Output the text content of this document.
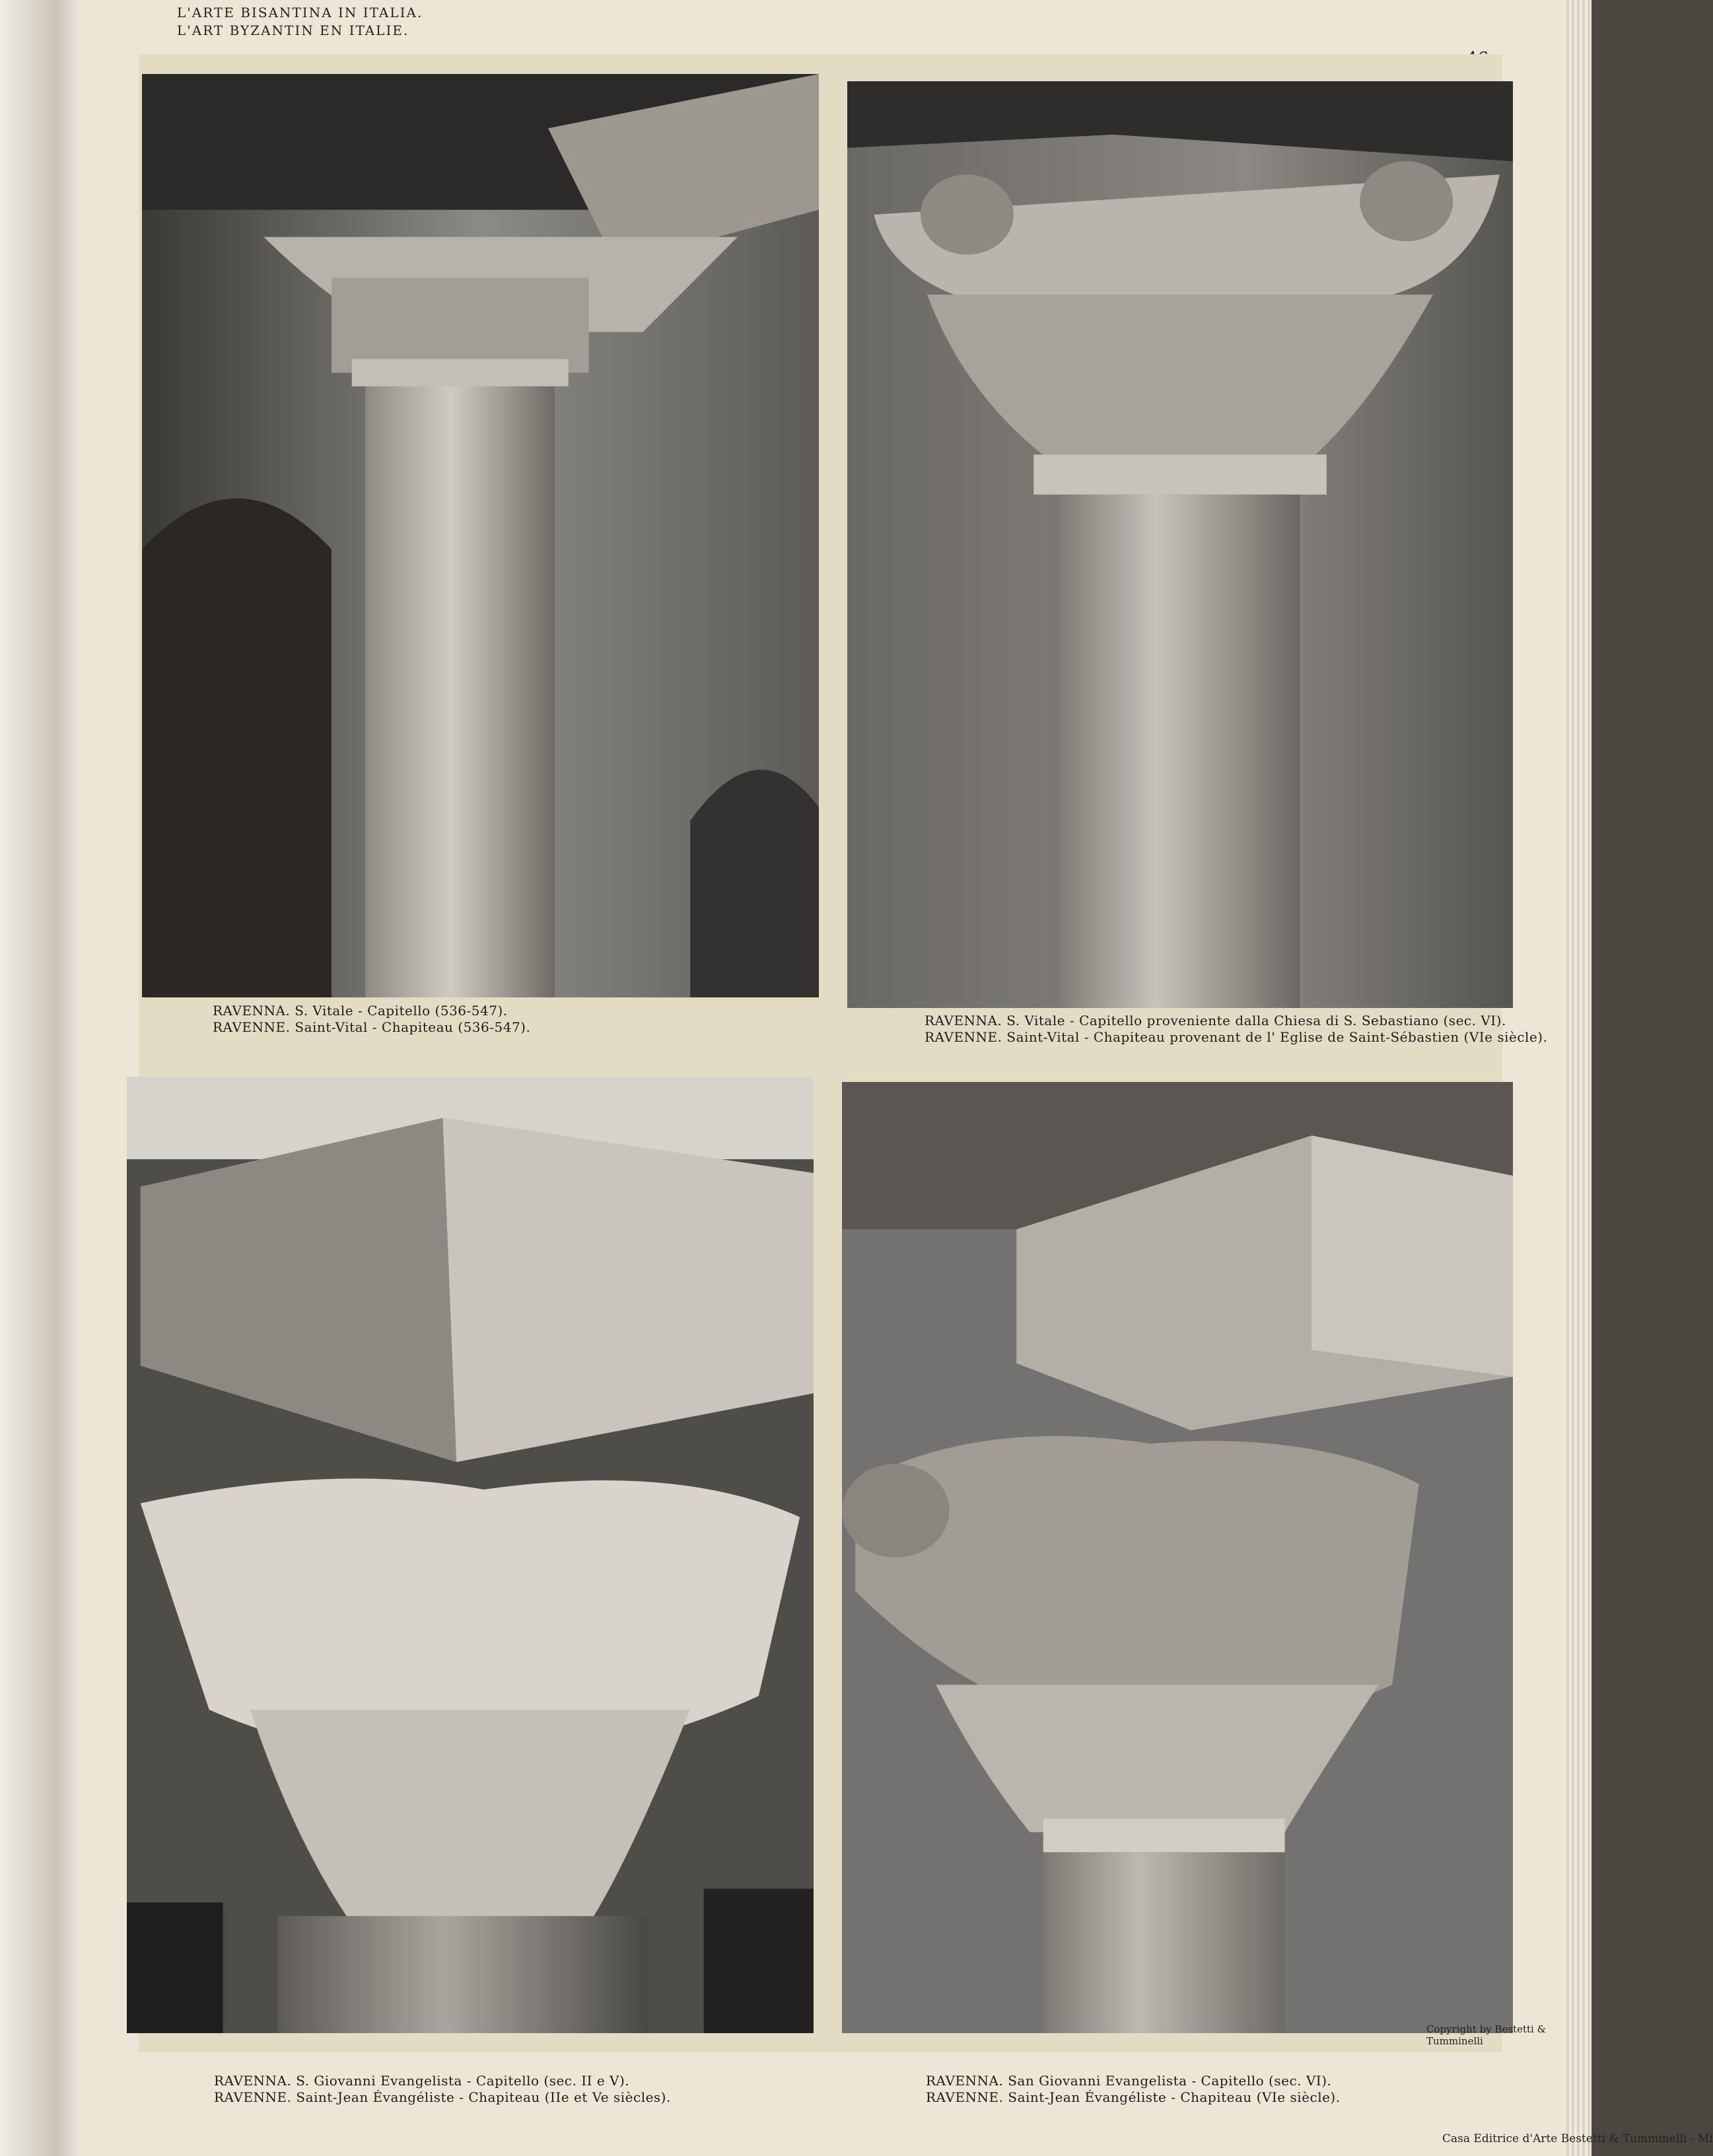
L'ARTE BISANTINA IN ITALIA.
L'ART BYZANTIN EN ITALIE.
RAVENNA. S. Vitale - Capitello (536-547).
RAVENNE. Saint-Vital - Chapiteau (536-547).	RAVENNA. S. Vitale - Capitello proveniente dalla Chiesa di S. Sebastiano (sec. VI).
RAVENNE. Saint-Vital - Chapiteau provenant de l' Eglise de Saint-Sébastien (VIe siècle).
RAVENNA. S. Giovanni Evangelista - Capitello (sec. II e V).
RAVENNE. Saint-Jean Évangéliste - Chapiteau (IIe et Ve siècles).
Copyright by Bestetti & Tumminelli
RAVENNA. San Giovanni Evangelista - Capitello (sec. VI).
RAVENNE. Saint-Jean Évangéliste - Chapiteau (VIe siècle).
Casa Editrice d'Arte Bestetti & Tumminelli - Mi
